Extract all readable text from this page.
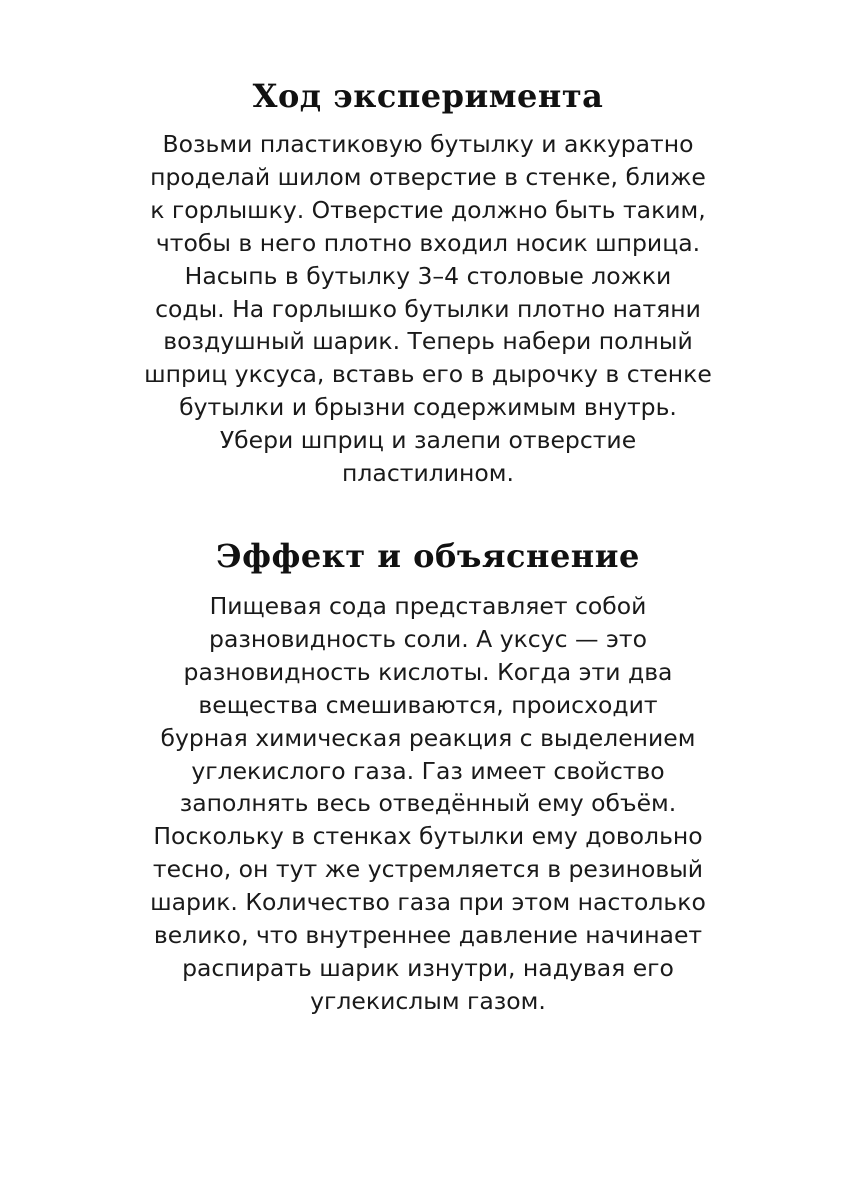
Ход эксперимента

Возьми пластиковую бутылку и аккуратно
проделай шилом отверстие в стенке, ближе
к горлышку. Отверстие должно быть таким,
чтобы в него плотно входил носик шприца.
Насыпь в бутылку 3–4 столовые ложки
соды. На горлышко бутылки плотно натяни
воздушный шарик. Теперь набери полный
шприц уксуса, вставь его в дырочку в стенке
бутылки и брызни содержимым внутрь.
Убери шприц и залепи отверстие
пластилином.

Эффект и объяснение

Пищевая сода представляет собой
разновидность соли. А уксус — это
разновидность кислоты. Когда эти два
вещества смешиваются, происходит
бурная химическая реакция с выделением
углекислого газа. Газ имеет свойство
заполнять весь отведённый ему объём.
Поскольку в стенках бутылки ему довольно
тесно, он тут же устремляется в резиновый
шарик. Количество газа при этом настолько
велико, что внутреннее давление начинает
распирать шарик изнутри, надувая его
углекислым газом.
